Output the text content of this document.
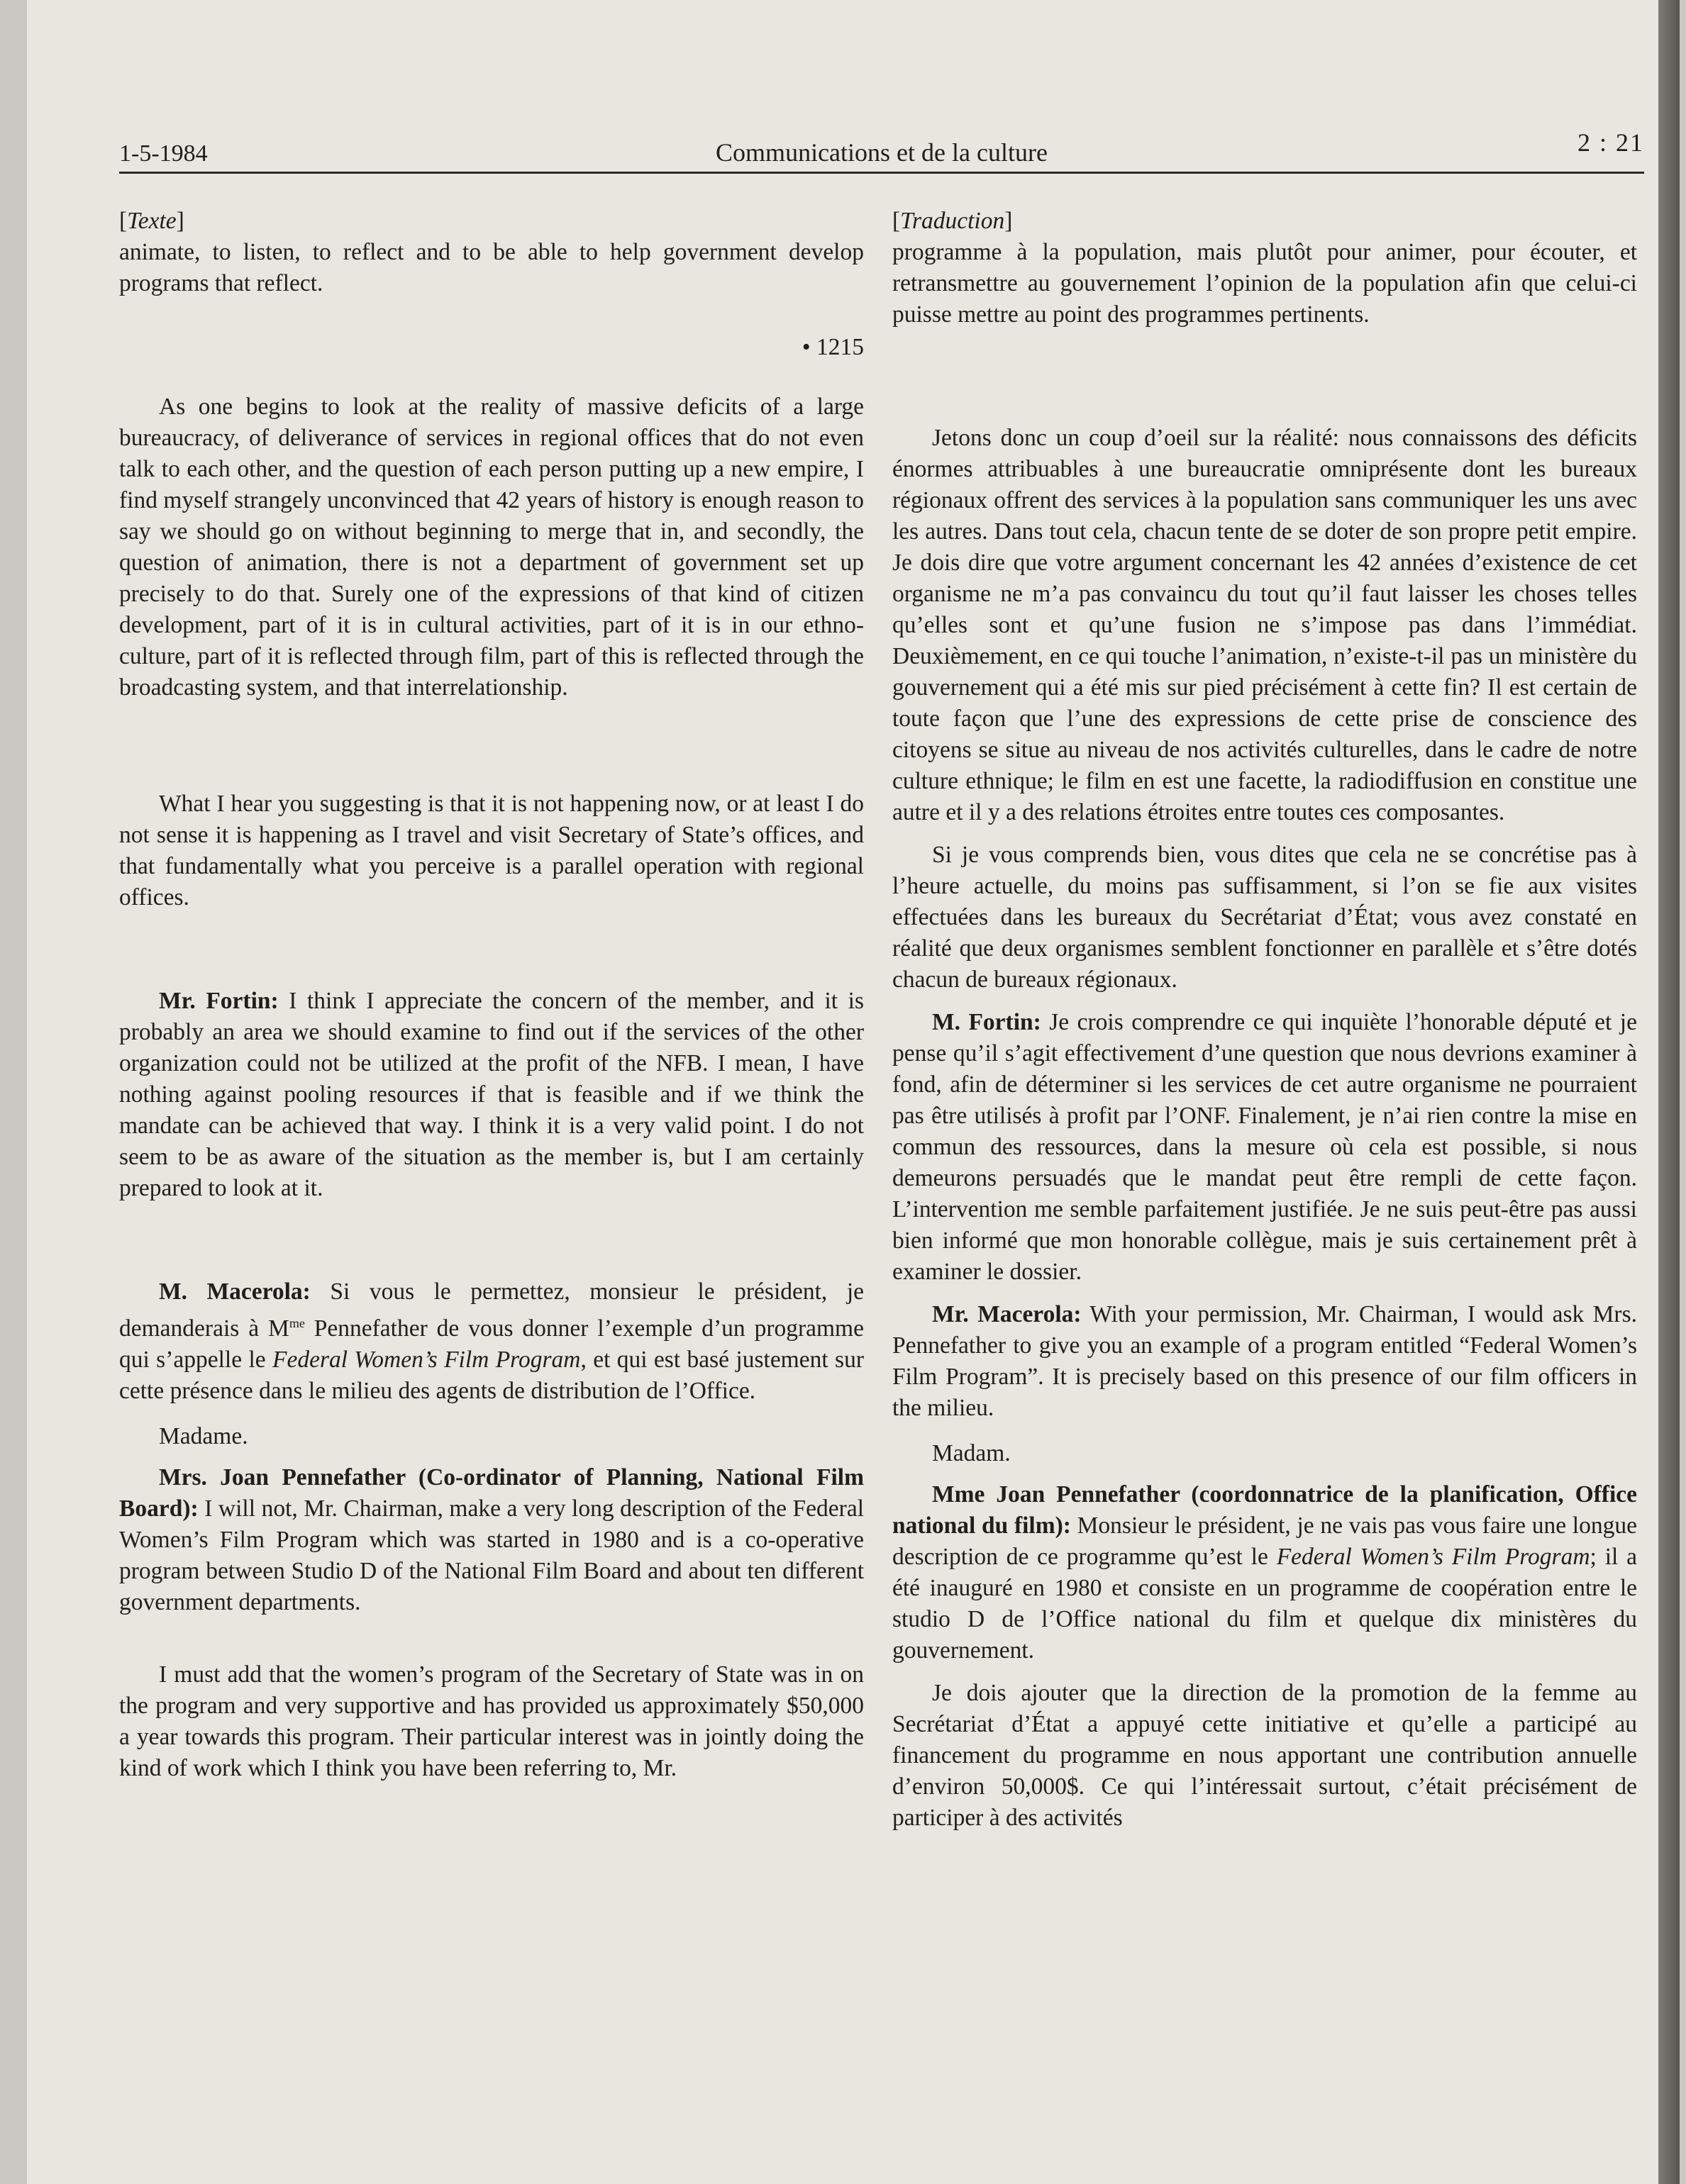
1-5-1984	Communications et de la culture	2 : 21

[Texte]

animate, to listen, to reflect and to be able to help government develop programs that reflect.

• 1215

As one begins to look at the reality of massive deficits of a large bureaucracy, of deliverance of services in regional offices that do not even talk to each other, and the question of each person putting up a new empire, I find myself strangely unconvinced that 42 years of history is enough reason to say we should go on without beginning to merge that in, and secondly, the question of animation, there is not a department of government set up precisely to do that. Surely one of the expressions of that kind of citizen development, part of it is in cultural activities, part of it is in our ethno-culture, part of it is reflected through film, part of this is reflected through the broadcasting system, and that interrelationship.

What I hear you suggesting is that it is not happening now, or at least I do not sense it is happening as I travel and visit Secretary of State’s offices, and that fundamentally what you perceive is a parallel operation with regional offices.

Mr. Fortin: I think I appreciate the concern of the member, and it is probably an area we should examine to find out if the services of the other organization could not be utilized at the profit of the NFB. I mean, I have nothing against pooling resources if that is feasible and if we think the mandate can be achieved that way. I think it is a very valid point. I do not seem to be as aware of the situation as the member is, but I am certainly prepared to look at it.

M. Macerola: Si vous le permettez, monsieur le président, je demanderais à $M^{me}$ Pennefather de vous donner l’exemple d’un programme qui s’appelle le Federal Women’s Film Program, et qui est basé justement sur cette présence dans le milieu des agents de distribution de l’Office.

Madame.

Mrs. Joan Pennefather (Co-ordinator of Planning, National Film Board): I will not, Mr. Chairman, make a very long description of the Federal Women’s Film Program which was started in 1980 and is a co-operative program between Studio D of the National Film Board and about ten different government departments.

I must add that the women’s program of the Secretary of State was in on the program and very supportive and has provided us approximately $50,000 a year towards this program. Their particular interest was in jointly doing the kind of work which I think you have been referring to, Mr.

[Traduction]

programme à la population, mais plutôt pour animer, pour écouter, et retransmettre au gouvernement l’opinion de la population afin que celui-ci puisse mettre au point des programmes pertinents.

Jetons donc un coup d’oeil sur la réalité: nous connaissons des déficits énormes attribuables à une bureaucratie omniprésente dont les bureaux régionaux offrent des services à la population sans communiquer les uns avec les autres. Dans tout cela, chacun tente de se doter de son propre petit empire. Je dois dire que votre argument concernant les 42 années d’existence de cet organisme ne m’a pas convaincu du tout qu’il faut laisser les choses telles qu’elles sont et qu’une fusion ne s’impose pas dans l’immédiat. Deuxièmement, en ce qui touche l’animation, n’existe-t-il pas un ministère du gouvernement qui a été mis sur pied précisément à cette fin? Il est certain de toute façon que l’une des expressions de cette prise de conscience des citoyens se situe au niveau de nos activités culturelles, dans le cadre de notre culture ethnique; le film en est une facette, la radiodiffusion en constitue une autre et il y a des relations étroites entre toutes ces composantes.

Si je vous comprends bien, vous dites que cela ne se concrétise pas à l’heure actuelle, du moins pas suffisamment, si l’on se fie aux visites effectuées dans les bureaux du Secrétariat d’État; vous avez constaté en réalité que deux organismes semblent fonctionner en parallèle et s’être dotés chacun de bureaux régionaux.

M. Fortin: Je crois comprendre ce qui inquiète l’honorable député et je pense qu’il s’agit effectivement d’une question que nous devrions examiner à fond, afin de déterminer si les services de cet autre organisme ne pourraient pas être utilisés à profit par l’ONF. Finalement, je n’ai rien contre la mise en commun des ressources, dans la mesure où cela est possible, si nous demeurons persuadés que le mandat peut être rempli de cette façon. L’intervention me semble parfaitement justifiée. Je ne suis peut-être pas aussi bien informé que mon honorable collègue, mais je suis certainement prêt à examiner le dossier.

Mr. Macerola: With your permission, Mr. Chairman, I would ask Mrs. Pennefather to give you an example of a program entitled “Federal Women’s Film Program”. It is precisely based on this presence of our film officers in the milieu.

Madam.

Mme Joan Pennefather (coordonnatrice de la planification, Office national du film): Monsieur le président, je ne vais pas vous faire une longue description de ce programme qu’est le Federal Women’s Film Program; il a été inauguré en 1980 et consiste en un programme de coopération entre le studio D de l’Office national du film et quelque dix ministères du gouvernement.

Je dois ajouter que la direction de la promotion de la femme au Secrétariat d’État a appuyé cette initiative et qu’elle a participé au financement du programme en nous apportant une contribution annuelle d’environ 50,000$. Ce qui l’intéressait surtout, c’était précisément de participer à des activités
